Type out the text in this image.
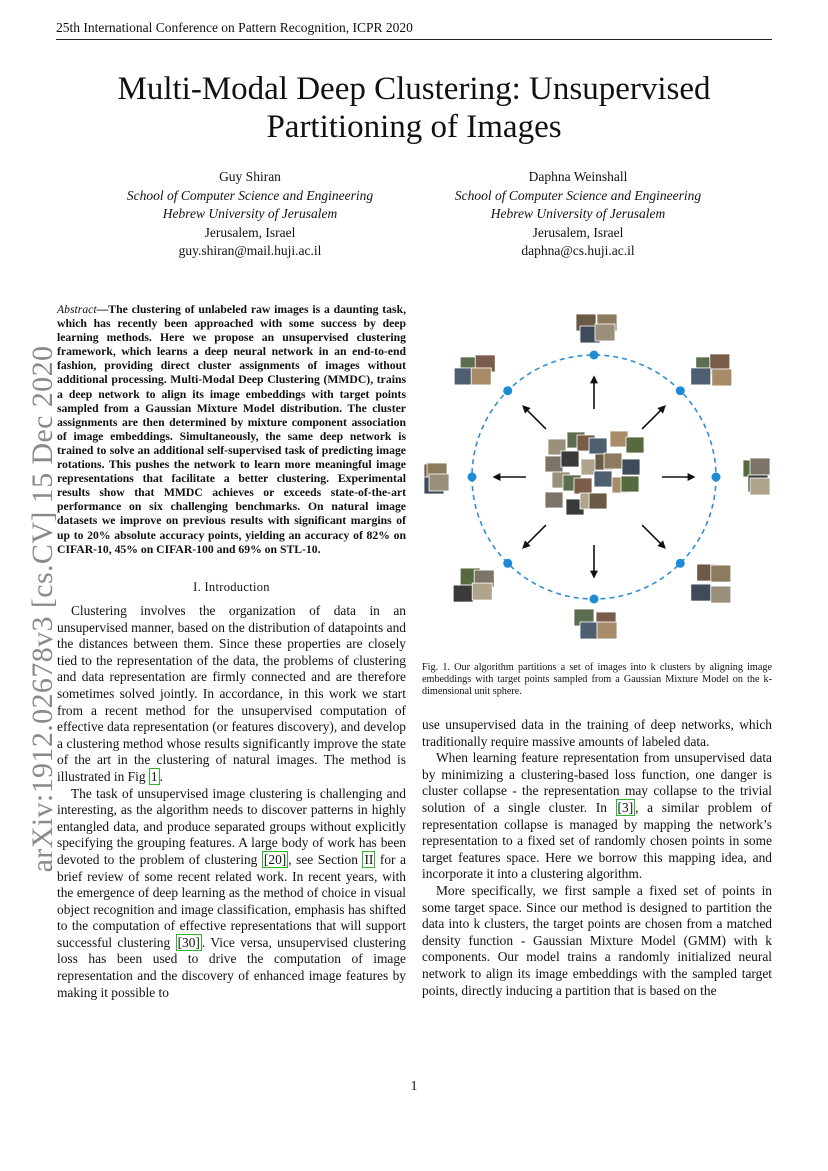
25th International Conference on Pattern Recognition, ICPR 2020
Multi-Modal Deep Clustering: Unsupervised
Partitioning of Images
Guy Shiran
School of Computer Science and Engineering
Hebrew University of Jerusalem
Jerusalem, Israel
guy.shiran@mail.huji.ac.il
Daphna Weinshall
School of Computer Science and Engineering
Hebrew University of Jerusalem
Jerusalem, Israel
daphna@cs.huji.ac.il
arXiv:1912.02678v3 [cs.CV] 15 Dec 2020
Abstract—The clustering of unlabeled raw images is a daunting task, which has recently been approached with some success by deep learning methods. Here we propose an unsupervised clustering framework, which learns a deep neural network in an end-to-end fashion, providing direct cluster assignments of images without additional processing. Multi-Modal Deep Clustering (MMDC), trains a deep network to align its image embeddings with target points sampled from a Gaussian Mixture Model distribution. The cluster assignments are then determined by mixture component association of image embeddings. Simultaneously, the same deep network is trained to solve an additional self-supervised task of predicting image rotations. This pushes the network to learn more meaningful image representations that facilitate a better clustering. Experimental results show that MMDC achieves or exceeds state-of-the-art performance on six challenging benchmarks. On natural image datasets we improve on previous results with significant margins of up to 20% absolute accuracy points, yielding an accuracy of 82% on CIFAR-10, 45% on CIFAR-100 and 69% on STL-10.
I. Introduction

Clustering involves the organization of data in an unsupervised manner, based on the distribution of datapoints and the distances between them. Since these properties are closely tied to the representation of the data, the problems of clustering and data representation are firmly connected and are therefore sometimes solved jointly. In accordance, in this work we start from a recent method for the unsupervised computation of effective data representation (or features discovery), and develop a clustering method whose results significantly improve the state of the art in the clustering of natural images. The method is illustrated in Fig 1 .

The task of unsupervised image clustering is challenging and interesting, as the algorithm needs to discover patterns in highly entangled data, and produce separated groups without explicitly specifying the grouping features. A large body of work has been devoted to the problem of clustering [20] , see Section II for a brief review of some recent related work. In recent years, with the emergence of deep learning as the method of choice in visual object recognition and image classification, emphasis has shifted to the computation of effective representations that will support successful clustering [30] . Vice versa, unsupervised clustering loss has been used to drive the computation of image representation and the discovery of enhanced image features by making it possible to

Fig. 1. Our algorithm partitions a set of images into k clusters by aligning image embeddings with target points sampled from a Gaussian Mixture Model on the k-dimensional unit sphere.

use unsupervised data in the training of deep networks, which traditionally require massive amounts of labeled data.

When learning feature representation from unsupervised data by minimizing a clustering-based loss function, one danger is cluster collapse - the representation may collapse to the trivial solution of a single cluster. In [3] , a similar problem of representation collapse is managed by mapping the network’s representation to a fixed set of randomly chosen points in some target features space. Here we borrow this mapping idea, and incorporate it into a clustering algorithm.

More specifically, we first sample a fixed set of points in some target space. Since our method is designed to partition the data into k clusters, the target points are chosen from a matched density function - Gaussian Mixture Model (GMM) with k components. Our model trains a randomly initialized neural network to align its image embeddings with the sampled target points, directly inducing a partition that is based on the

1
